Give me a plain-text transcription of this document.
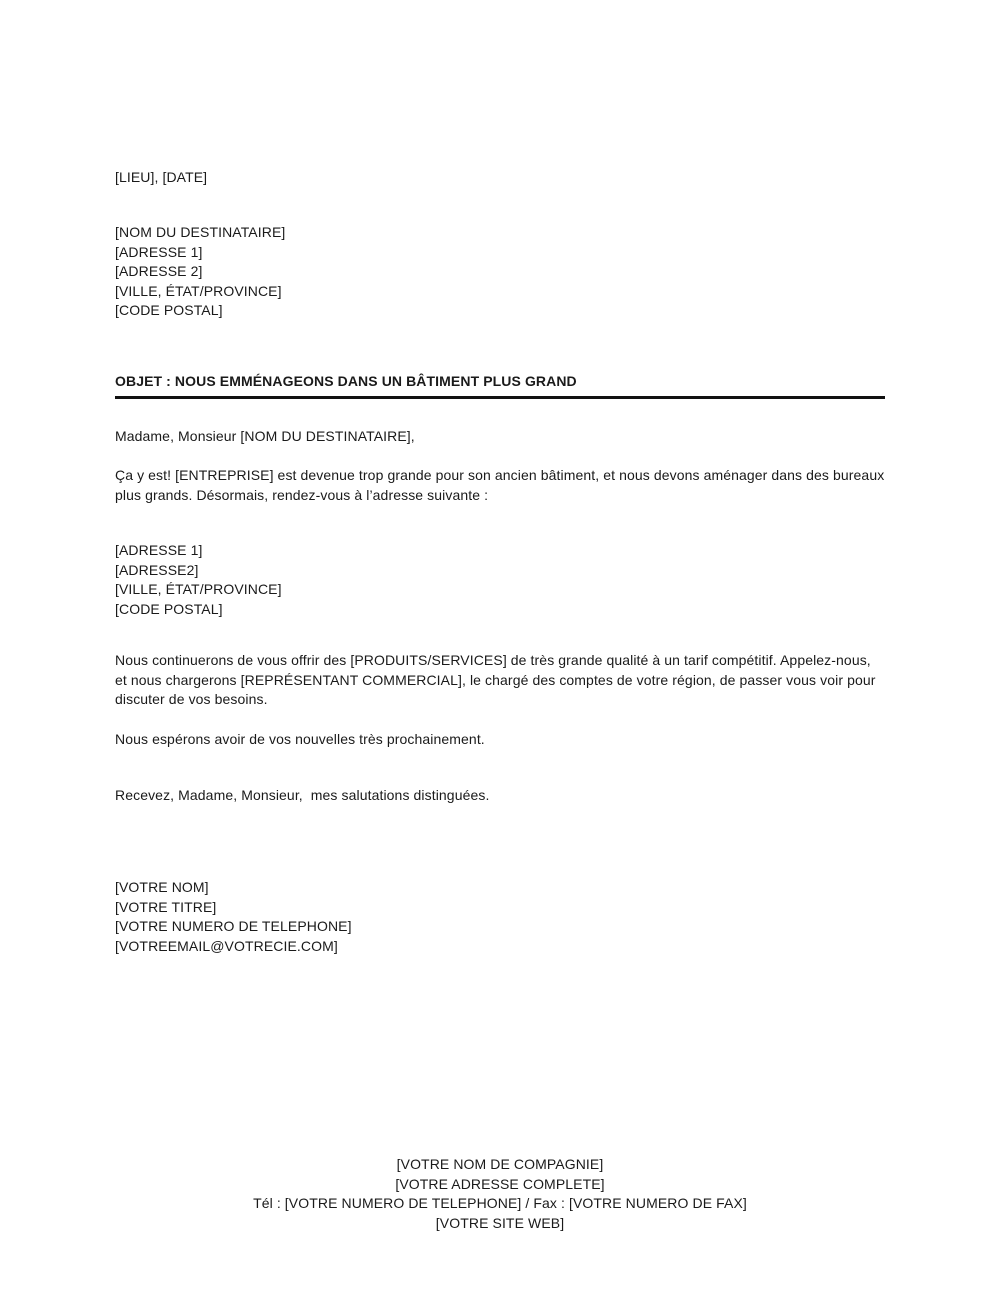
[LIEU], [DATE]
[NOM DU DESTINATAIRE]
[ADRESSE 1]
[ADRESSE 2]
[VILLE, ÉTAT/PROVINCE]
[CODE POSTAL]
OBJET : NOUS EMMÉNAGEONS DANS UN BÂTIMENT PLUS GRAND
Madame, Monsieur [NOM DU DESTINATAIRE],
Ça y est! [ENTREPRISE] est devenue trop grande pour son ancien bâtiment, et nous devons aménager dans des bureaux plus grands. Désormais, rendez-vous à l’adresse suivante :
[ADRESSE 1]
[ADRESSE2]
[VILLE, ÉTAT/PROVINCE]
[CODE POSTAL]
Nous continuerons de vous offrir des [PRODUITS/SERVICES] de très grande qualité à un tarif compétitif. Appelez-nous, et nous chargerons [REPRÉSENTANT COMMERCIAL], le chargé des comptes de votre région, de passer vous voir pour discuter de vos besoins.
Nous espérons avoir de vos nouvelles très prochainement.
Recevez, Madame, Monsieur,  mes salutations distinguées.
[VOTRE NOM]
[VOTRE TITRE]
[VOTRE NUMERO DE TELEPHONE]
[VOTREEMAIL@VOTRECIE.COM]
[VOTRE NOM DE COMPAGNIE]
[VOTRE ADRESSE COMPLETE]
Tél : [VOTRE NUMERO DE TELEPHONE] / Fax : [VOTRE NUMERO DE FAX]
[VOTRE SITE WEB]
